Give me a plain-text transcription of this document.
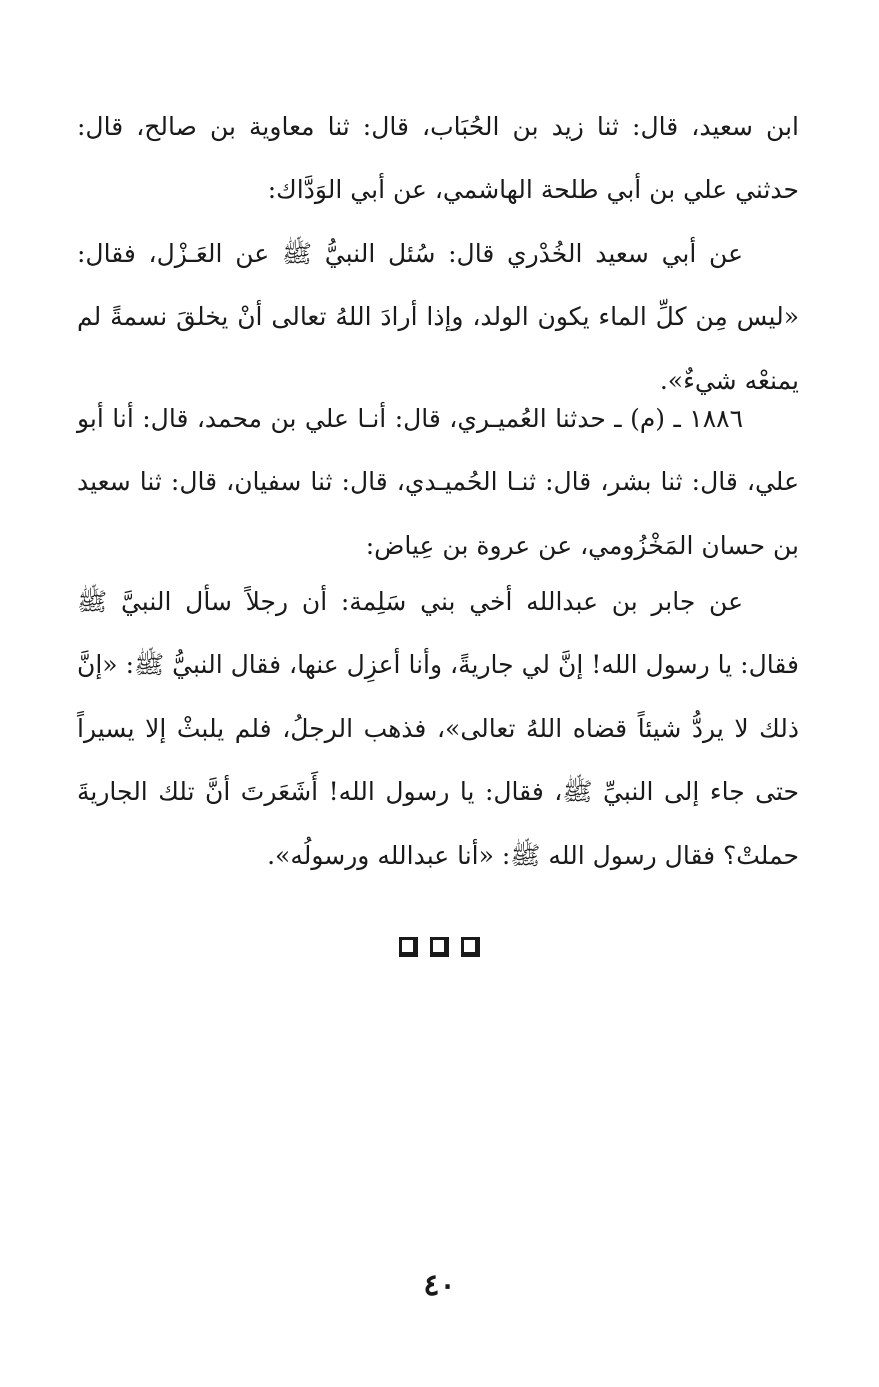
ابن سعيد، قال: ثنا زيد بن الحُبَاب، قال: ثنا معاوية بن صالح، قال: حدثني علي بن أبي طلحة الهاشمي، عن أبي الوَدَّاك:

عن أبي سعيد الخُدْري قال: سُئل النبيُّ ﷺ عن العَـزْل، فقال: «ليس مِن كلِّ الماء يكون الولد، وإذا أرادَ اللهُ تعالى أنْ يخلقَ نسمةً لم يمنعْه شيءٌ».

١٨٨٦ ـ (م) ـ حدثنا العُميـري، قال: أنـا علي بن محمد، قال: أنا أبو علي، قال: ثنا بشر، قال: ثنـا الحُميـدي، قال: ثنا سفيان، قال: ثنا سعيد بن حسان المَخْزُومي، عن عروة بن عِياض:

عن جابر بن عبدالله أخي بني سَلِمة: أن رجلاً سأل النبيَّ ﷺ فقال: يا رسول الله! إنَّ لي جاريةً، وأنا أعزِل عنها، فقال النبيُّ ﷺ: «إنَّ ذلك لا يردُّ شيئاً قضاه اللهُ تعالى»، فذهب الرجلُ، فلم يلبثْ إلا يسيراً حتى جاء إلى النبيِّ ﷺ، فقال: يا رسول الله! أَشَعَرتَ أنَّ تلك الجاريةَ حملتْ؟ فقال رسول الله ﷺ: «أنا عبدالله ورسولُه».

٤٠
